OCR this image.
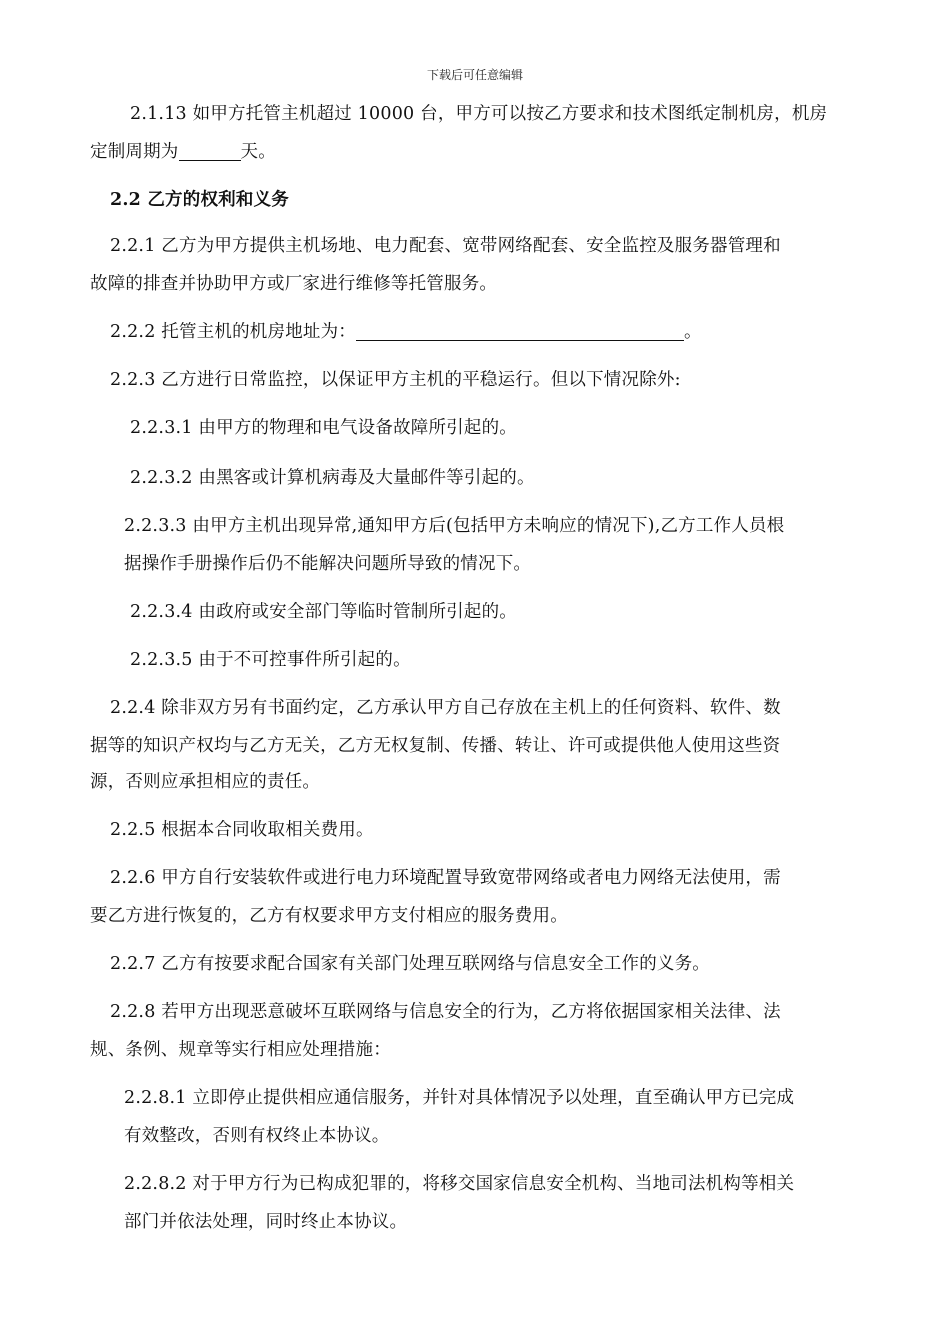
下载后可任意编辑
2.1.13 如甲方托管主机超过 10000 台，甲方可以按乙方要求和技术图纸定制机房，机房
定制周期为	天。
2.2 乙方的权利和义务
2.2.1 乙方为甲方提供主机场地、电力配套、宽带网络配套、安全监控及服务器管理和
故障的排查并协助甲方或厂家进行维修等托管服务。
2.2.2 托管主机的机房地址为：	。
2.2.3 乙方进行日常监控，以保证甲方主机的平稳运行。但以下情况除外:
2.2.3.1 由甲方的物理和电气设备故障所引起的。
2.2.3.2 由黑客或计算机病毒及大量邮件等引起的。
2.2.3.3 由甲方主机出现异常,通知甲方后(包括甲方未响应的情况下),乙方工作人员根
据操作手册操作后仍不能解决问题所导致的情况下。
2.2.3.4 由政府或安全部门等临时管制所引起的。
2.2.3.5 由于不可控事件所引起的。
2.2.4 除非双方另有书面约定，乙方承认甲方自己存放在主机上的任何资料、软件、数
据等的知识产权均与乙方无关，乙方无权复制、传播、转让、许可或提供他人使用这些资
源，否则应承担相应的责任。
2.2.5 根据本合同收取相关费用。
2.2.6 甲方自行安装软件或进行电力环境配置导致宽带网络或者电力网络无法使用，需
要乙方进行恢复的，乙方有权要求甲方支付相应的服务费用。
2.2.7 乙方有按要求配合国家有关部门处理互联网络与信息安全工作的义务。
2.2.8 若甲方出现恶意破坏互联网络与信息安全的行为，乙方将依据国家相关法律、法
规、条例、规章等实行相应处理措施：
2.2.8.1 立即停止提供相应通信服务，并针对具体情况予以处理，直至确认甲方已完成
有效整改，否则有权终止本协议。
2.2.8.2 对于甲方行为已构成犯罪的，将移交国家信息安全机构、当地司法机构等相关
部门并依法处理，同时终止本协议。
